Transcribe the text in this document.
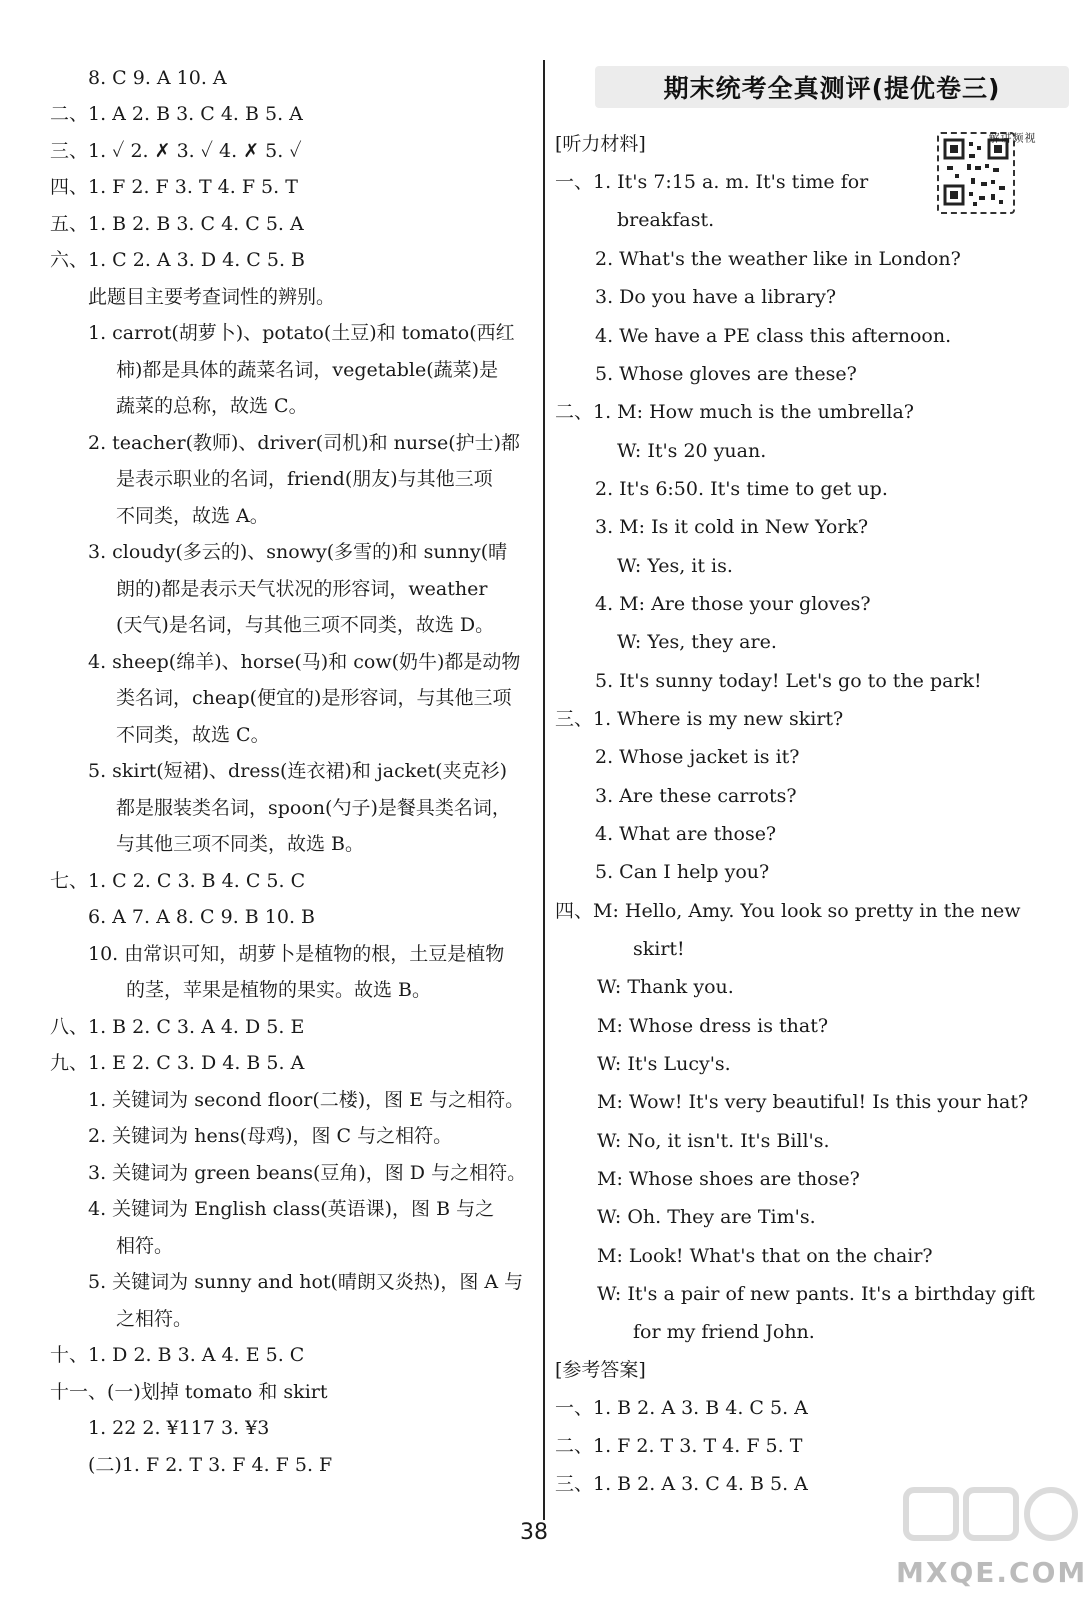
8. C 9. A 10. A
二、1. A 2. B 3. C 4. B 5. A
三、1. ✓ 2. ✗ 3. ✓ 4. ✗ 5. ✓
四、1. F 2. F 3. T 4. F 5. T
五、1. B 2. B 3. C 4. C 5. A
六、1. C 2. A 3. D 4. C 5. B
此题目主要考查词性的辨别。
1. carrot(胡萝卜)、potato(土豆)和 tomato(西红
柿)都是具体的蔬菜名词，vegetable(蔬菜)是
蔬菜的总称，故选 C。
2. teacher(教师)、driver(司机)和 nurse(护士)都
是表示职业的名词，friend(朋友)与其他三项
不同类，故选 A。
3. cloudy(多云的)、snowy(多雪的)和 sunny(晴
朗的)都是表示天气状况的形容词，weather
(天气)是名词，与其他三项不同类，故选 D。
4. sheep(绵羊)、horse(马)和 cow(奶牛)都是动物
类名词，cheap(便宜的)是形容词，与其他三项
不同类，故选 C。
5. skirt(短裙)、dress(连衣裙)和 jacket(夹克衫)
都是服装类名词，spoon(勺子)是餐具类名词，
与其他三项不同类，故选 B。
七、1. C 2. C 3. B 4. C 5. C
6. A 7. A 8. C 9. B 10. B
10. 由常识可知，胡萝卜是植物的根，土豆是植物
的茎，苹果是植物的果实。故选 B。
八、1. B 2. C 3. A 4. D 5. E
九、1. E 2. C 3. D 4. B 5. A
1. 关键词为 second floor(二楼)，图 E 与之相符。
2. 关键词为 hens(母鸡)，图 C 与之相符。
3. 关键词为 green beans(豆角)，图 D 与之相符。
4. 关键词为 English class(英语课)，图 B 与之
相符。
5. 关键词为 sunny and hot(晴朗又炎热)，图 A 与
之相符。
十、1. D 2. B 3. A 4. E 5. C
十一、(一)划掉 tomato 和 skirt
1. 22 2. ¥117 3. ¥3
(二)1. F 2. T 3. F 4. F 5. F
期末统考全真测评(提优卷三)
视频讲解
[听力材料]
一、1. It's 7:15 a. m. It's time for
breakfast.
2. What's the weather like in London?
3. Do you have a library?
4. We have a PE class this afternoon.
5. Whose gloves are these?
二、1. M: How much is the umbrella?
W: It's 20 yuan.
2. It's 6:50. It's time to get up.
3. M: Is it cold in New York?
W: Yes, it is.
4. M: Are those your gloves?
W: Yes, they are.
5. It's sunny today! Let's go to the park!
三、1. Where is my new skirt?
2. Whose jacket is it?
3. Are these carrots?
4. What are those?
5. Can I help you?
四、M: Hello, Amy. You look so pretty in the new
skirt!
W: Thank you.
M: Whose dress is that?
W: It's Lucy's.
M: Wow! It's very beautiful! Is this your hat?
W: No, it isn't. It's Bill's.
M: Whose shoes are those?
W: Oh. They are Tim's.
M: Look! What's that on the chair?
W: It's a pair of new pants. It's a birthday gift
for my friend John.
[参考答案]
一、1. B 2. A 3. B 4. C 5. A
二、1. F 2. T 3. T 4. F 5. T
三、1. B 2. A 3. C 4. B 5. A
38
MXQE.COM
